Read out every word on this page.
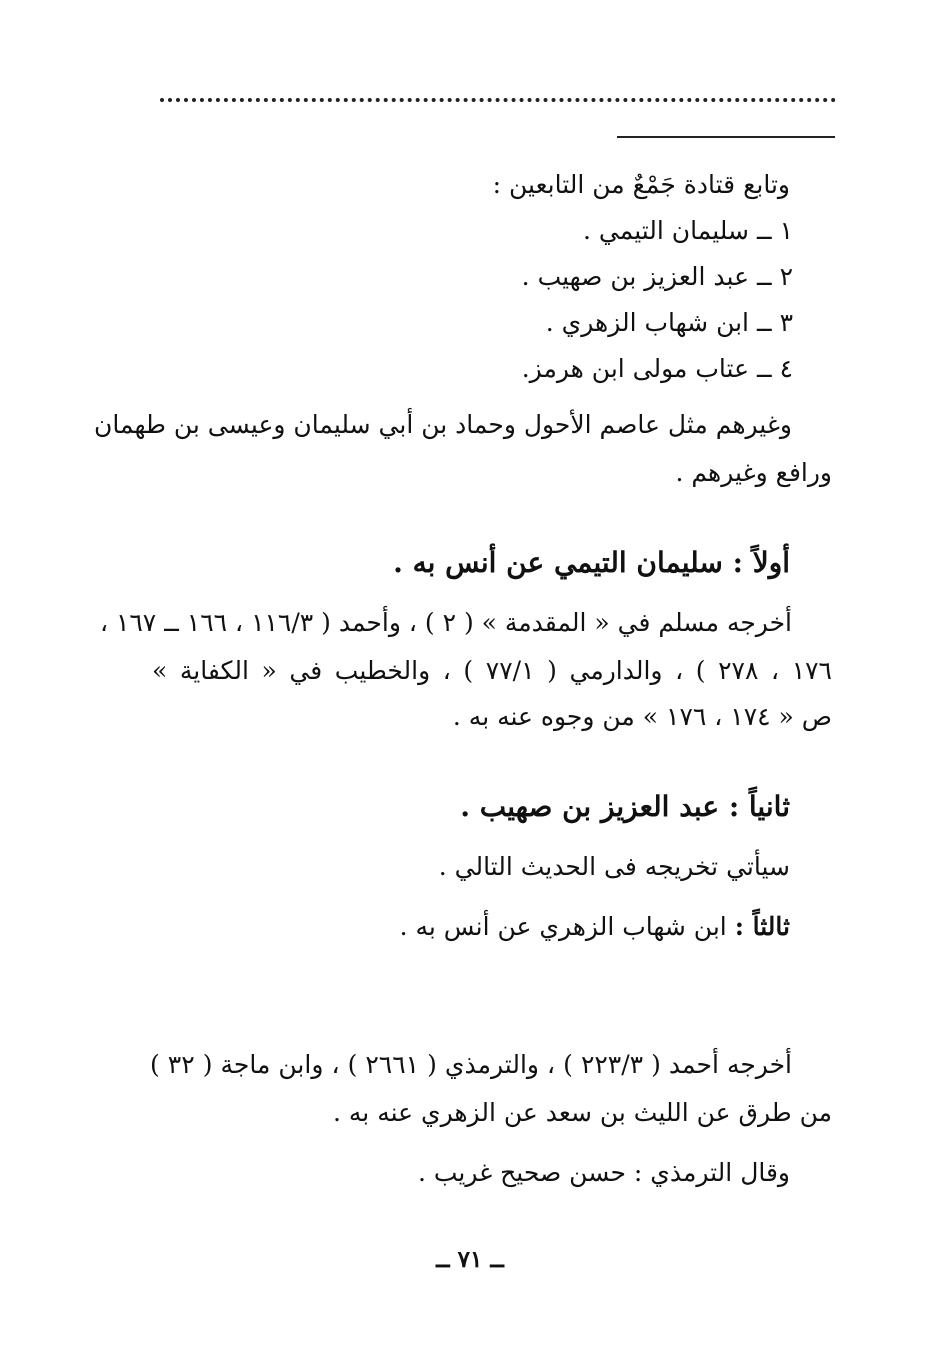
وتابع قتادة جَمْعٌ من التابعين :
١ ــ سليمان التيمي .
٢ ــ عبد العزيز بن صهيب .
٣ ــ ابن شهاب الزهري .
٤ ــ عتاب مولى ابن هرمز.
وغيرهم مثل عاصم الأحول وحماد بن أبي سليمان وعيسى بن طهمان
ورافع وغيرهم .
أولاً : سليمان التيمي عن أنس به .
أخرجه مسلم في « المقدمة » ( ٢ ) ، وأحمد ( ١١٦/٣ ، ١٦٦ ــ ١٦٧ ،
١٧٦ ، ٢٧٨ ) ، والدارمي ( ٧٧/١ ) ، والخطيب في « الكفاية »
ص « ١٧٤ ، ١٧٦ » من وجوه عنه به .
ثانياً : عبد العزيز بن صهيب .
سيأتي تخريجه فى الحديث التالي .
ثالثاً : ابن شهاب الزهري عن أنس به .
أخرجه أحمد ( ٢٢٣/٣ ) ، والترمذي ( ٢٦٦١ ) ، وابن ماجة ( ٣٢ )
من طرق عن الليث بن سعد عن الزهري عنه به .
وقال الترمذي : حسن صحيح غريب .
ــ ٧١ ــ
